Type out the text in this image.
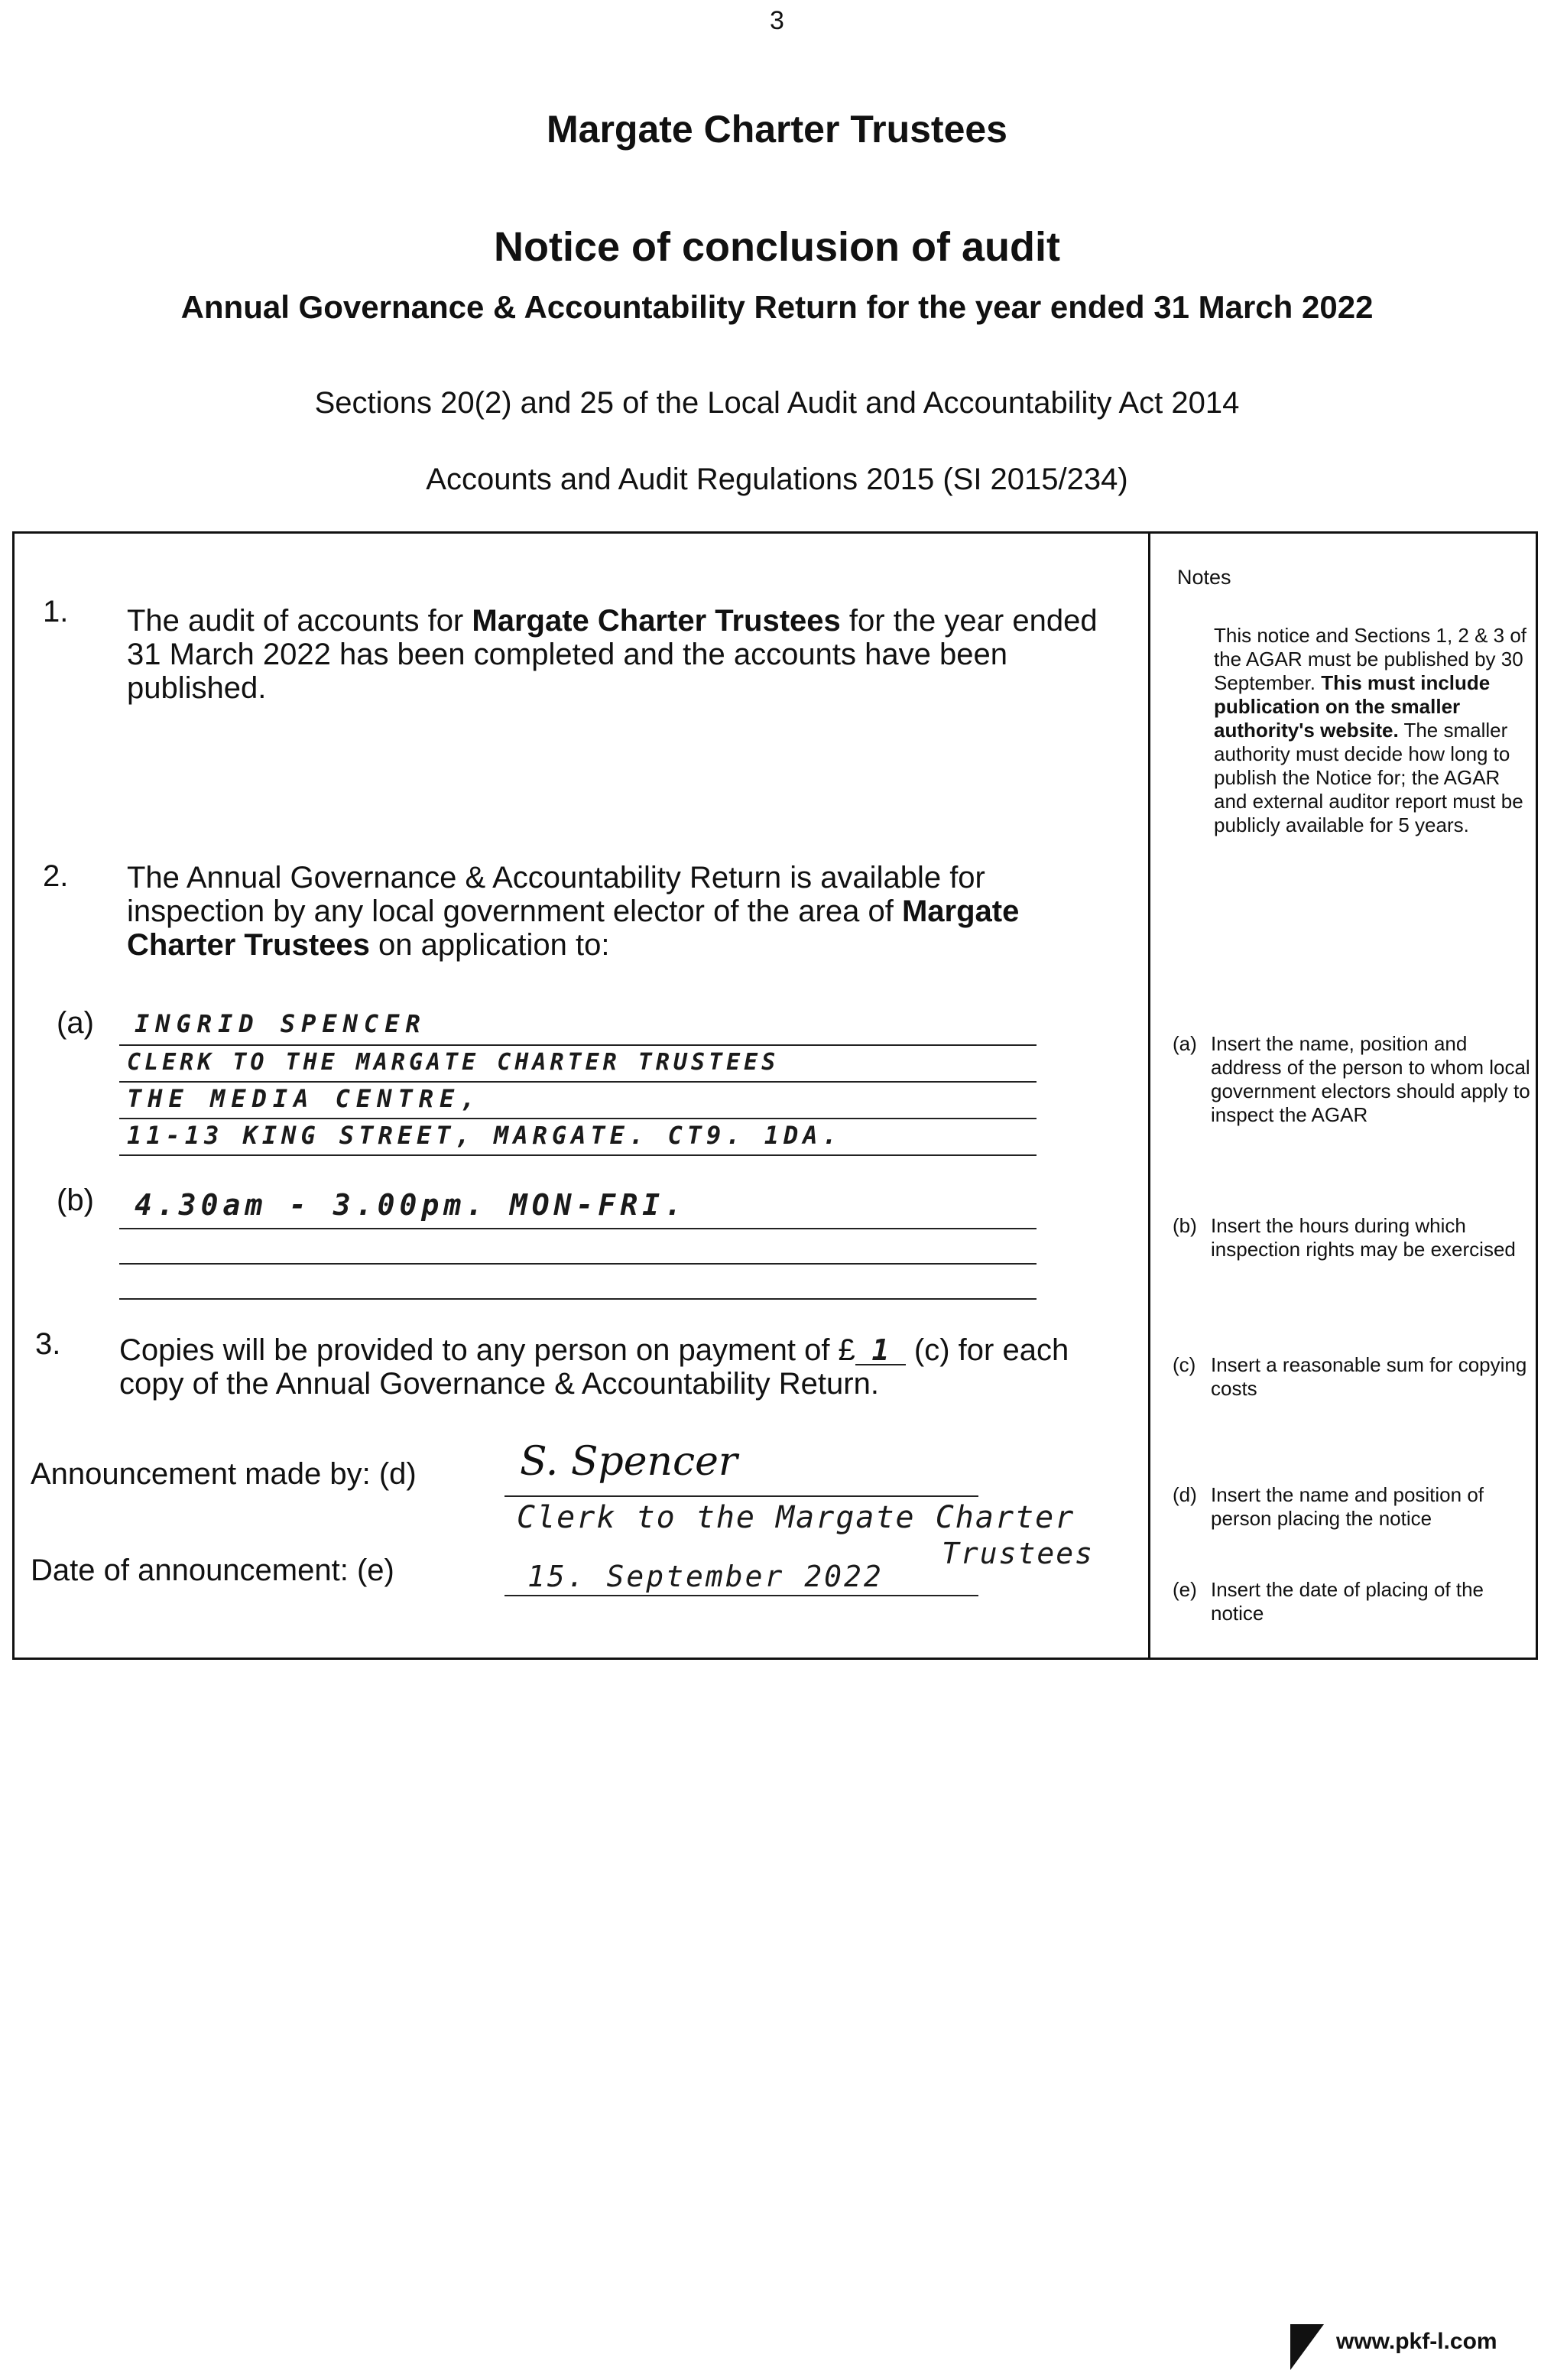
3
Margate Charter Trustees
Notice of conclusion of audit
Annual Governance & Accountability Return for the year ended 31 March 2022
Sections 20(2) and 25 of the Local Audit and Accountability Act 2014
Accounts and Audit Regulations 2015 (SI 2015/234)
1. The audit of accounts for Margate Charter Trustees for the year ended 31 March 2022 has been completed and the accounts have been published.
2. The Annual Governance & Accountability Return is available for inspection by any local government elector of the area of Margate Charter Trustees on application to:
(a) INGRID SPENCER
CLERK TO THE MARGATE CHARTER TRUSTEES
THE MEDIA CENTRE,
11-13 KING STREET, MARGATE. CT9. 1DA.
(b) 4.30am - 3.00pm. MON-FRI.
3. Copies will be provided to any person on payment of £ 1 (c) for each copy of the Annual Governance & Accountability Return.
Announcement made by: (d)	S. Spencer
Clerk to the Margate Charter
Trustees
Date of announcement: (e)	15. September 2022
Notes
This notice and Sections 1, 2 & 3 of the AGAR must be published by 30 September. This must include publication on the smaller authority's website. The smaller authority must decide how long to publish the Notice for; the AGAR and external auditor report must be publicly available for 5 years.
(a) Insert the name, position and address of the person to whom local government electors should apply to inspect the AGAR
(b) Insert the hours during which inspection rights may be exercised
(c) Insert a reasonable sum for copying costs
(d) Insert the name and position of person placing the notice
(e) Insert the date of placing of the notice
www.pkf-l.com
